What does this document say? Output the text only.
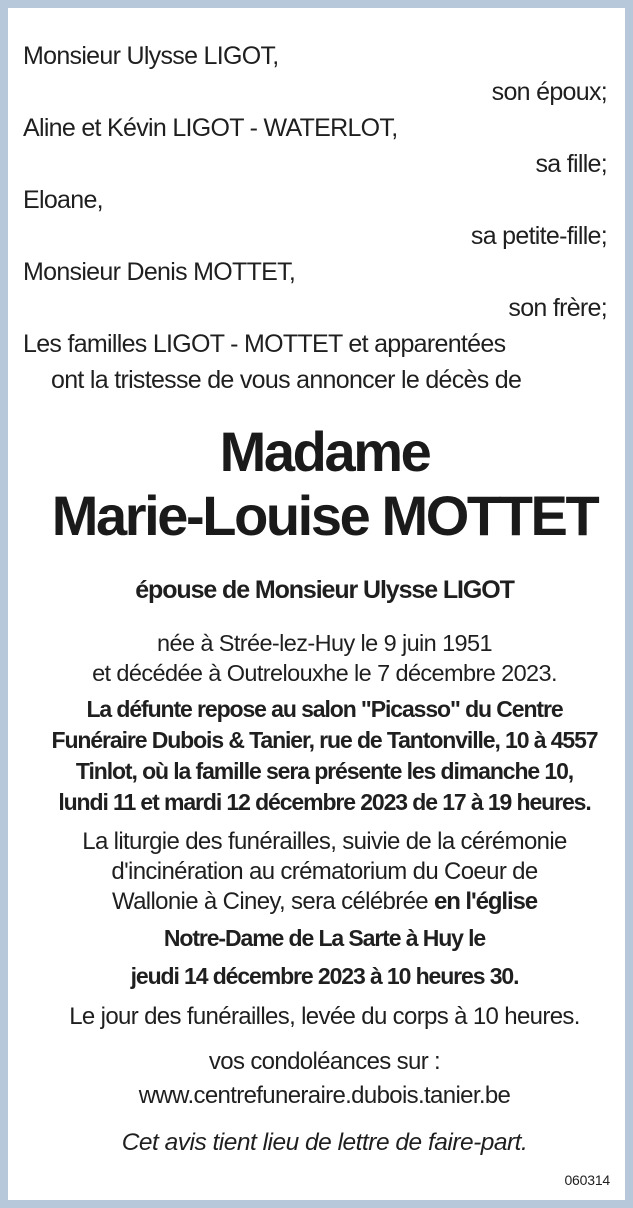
Monsieur Ulysse LIGOT,

son époux;

Aline et Kévin LIGOT - WATERLOT,

sa fille;

Eloane,

sa petite-fille;

Monsieur Denis MOTTET,

son frère;

Les familles LIGOT - MOTTET et apparentées

ont la tristesse de vous annoncer le décès de

Madame

Marie-Louise MOTTET

épouse de Monsieur Ulysse LIGOT

née à Strée-lez-Huy le 9 juin 1951

et décédée à Outrelouxhe le 7 décembre 2023.

La défunte repose au salon "Picasso" du Centre

Funéraire Dubois & Tanier, rue de Tantonville, 10 à 4557

Tinlot, où la famille sera présente les dimanche 10,

lundi 11 et mardi 12 décembre 2023 de 17 à 19 heures.

La liturgie des funérailles, suivie de la cérémonie

d'incinération au crématorium du Coeur de

Wallonie à Ciney, sera célébrée en l'église

Notre-Dame de La Sarte à Huy le

jeudi 14 décembre 2023 à 10 heures 30.

Le jour des funérailles, levée du corps à 10 heures.

vos condoléances sur :

www.centrefuneraire.dubois.tanier.be

Cet avis tient lieu de lettre de faire-part.

060314
